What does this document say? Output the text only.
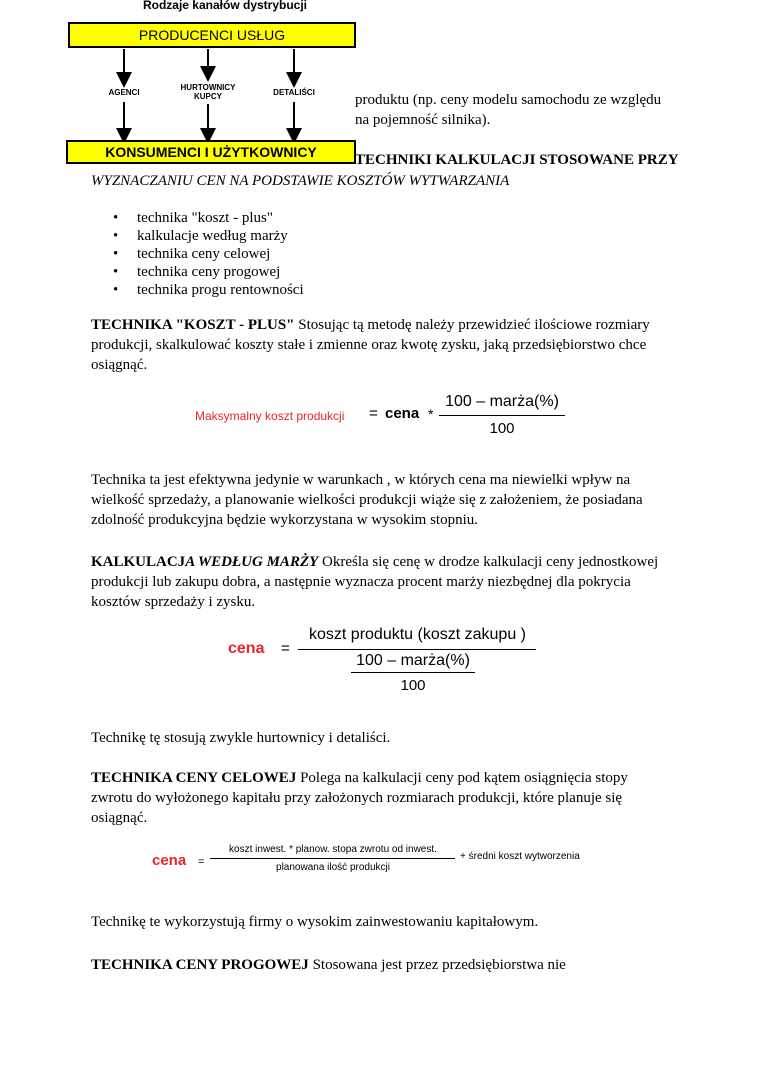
Rodzaje kanałów dystrybucji
PRODUCENCI USŁUG
AGENCI
HURTOWNICY KUPCY	DETALIŚCI
KONSUMENCI I UŻYTKOWNICY

produktu (np. ceny modelu samochodu ze względu

na pojemność silnika).

TECHNIKI KALKULACJI STOSOWANE PRZY

WYZNACZANIU CEN NA PODSTAWIE KOSZTÓW WYTWARZANIA

• technika "koszt - plus"
• kalkulacje według marży
• technika ceny celowej
• technika ceny progowej
• technika progu rentowności

TECHNIKA "KOSZT - PLUS" Stosując tą metodę należy przewidzieć ilościowe rozmiary

produkcji, skalkulować koszty stałe i zmienne oraz kwotę zysku, jaką przedsiębiorstwo chce

osiągnąć.

Maksymalny koszt produkcji = cena *
100 – marża(%)
100

Technika ta jest efektywna jedynie w warunkach , w których cena ma niewielki wpływ na

wielkość sprzedaży, a planowanie wielkości produkcji wiąże się z założeniem, że posiadana

zdolność produkcyjna będzie wykorzystana w wysokim stopniu.

KALKULACJA WEDŁUG MARŻY Określa się cenę w drodze kalkulacji ceny jednostkowej

produkcji lub zakupu dobra, a następnie wyznacza procent marży niezbędnej dla pokrycia

kosztów sprzedaży i zysku.

cena =
koszt produktu (koszt zakupu )
100 – marża(%)
100

Technikę tę stosują zwykle hurtownicy i detaliści.

TECHNIKA CENY CELOWEJ Polega na kalkulacji ceny pod kątem osiągnięcia stopy

zwrotu do wyłożonego kapitału przy założonych rozmiarach produkcji, które planuje się

osiągnąć.

cena =
koszt inwest. * planow. stopa zwrotu od inwest.
planowana ilość produkcji
+ średni koszt wytworzenia

Technikę te wykorzystują firmy o wysokim zainwestowaniu kapitałowym.

TECHNIKA CENY PROGOWEJ Stosowana jest przez przedsiębiorstwa nie
